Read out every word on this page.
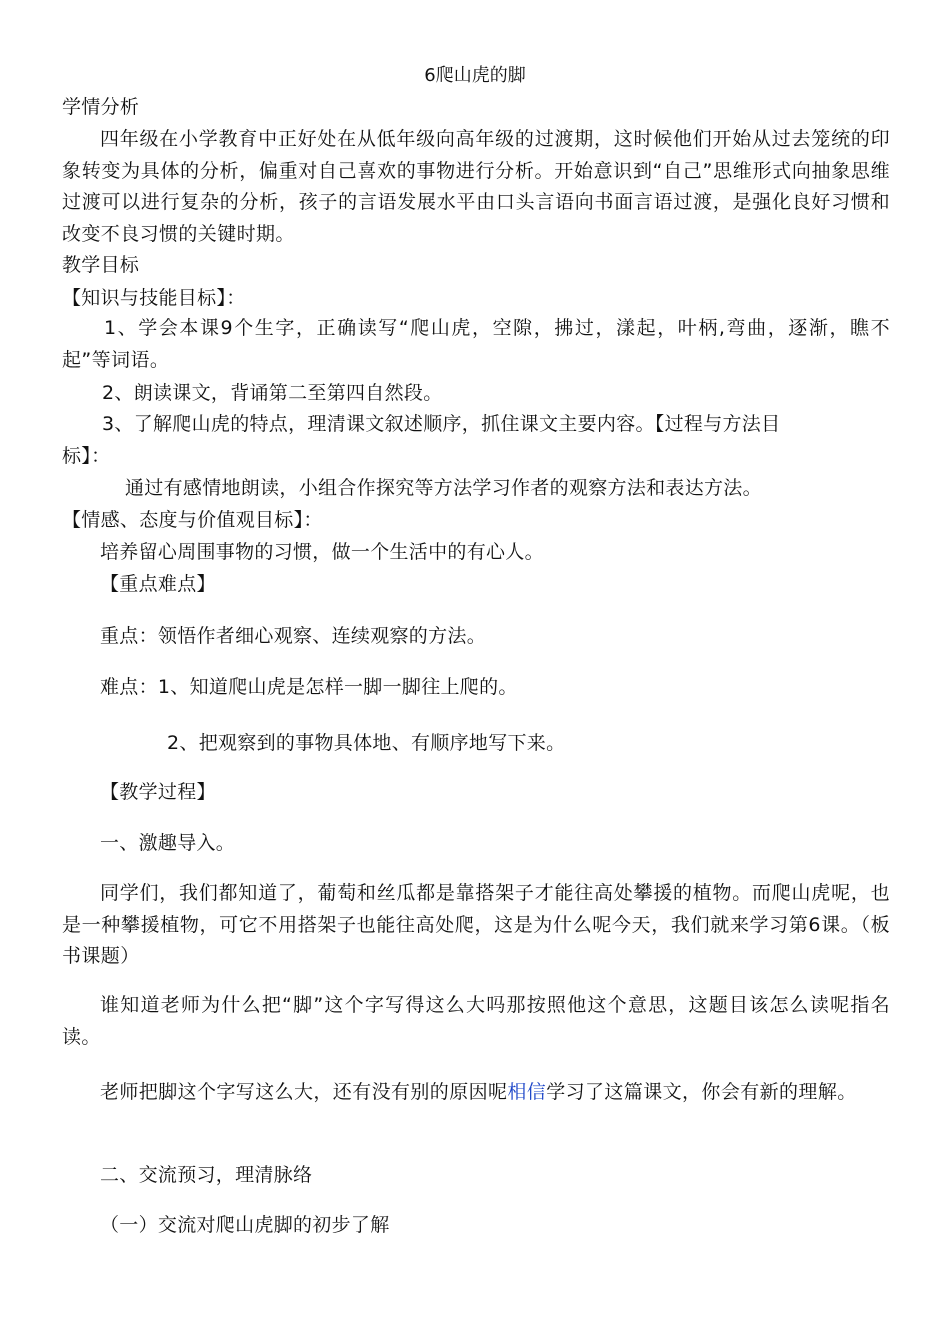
6爬山虎的脚
学情分析
四年级在小学教育中正好处在从低年级向高年级的过渡期，这时候他们开始从过去笼统的印象转变为具体的分析，偏重对自己喜欢的事物进行分析。开始意识到“自己”思维形式向抽象思维过渡可以进行复杂的分析，孩子的言语发展水平由口头言语向书面言语过渡，是强化良好习惯和改变不良习惯的关键时期。
教学目标
【知识与技能目标】：
1、学会本课9个生字，正确读写“爬山虎，空隙，拂过，漾起，叶柄,弯曲，逐渐，瞧不起”等词语。
2、朗读课文，背诵第二至第四自然段。
3、了解爬山虎的特点，理清课文叙述顺序，抓住课文主要内容。【过程与方法目
标】：
通过有感情地朗读，小组合作探究等方法学习作者的观察方法和表达方法。
【情感、态度与价值观目标】：
培养留心周围事物的习惯，做一个生活中的有心人。
【重点难点】
重点：领悟作者细心观察、连续观察的方法。
难点：1、知道爬山虎是怎样一脚一脚往上爬的。
2、把观察到的事物具体地、有顺序地写下来。
【教学过程】
一、激趣导入。
同学们，我们都知道了，葡萄和丝瓜都是靠搭架子才能往高处攀援的植物。而爬山虎呢，也是一种攀援植物，可它不用搭架子也能往高处爬，这是为什么呢今天，我们就来学习第6课。（板书课题）
谁知道老师为什么把“脚”这个字写得这么大吗那按照他这个意思，这题目该怎么读呢指名读。
老师把脚这个字写这么大，还有没有别的原因呢相信学习了这篇课文，你会有新的理解。
二、交流预习，理清脉络
（一）交流对爬山虎脚的初步了解
